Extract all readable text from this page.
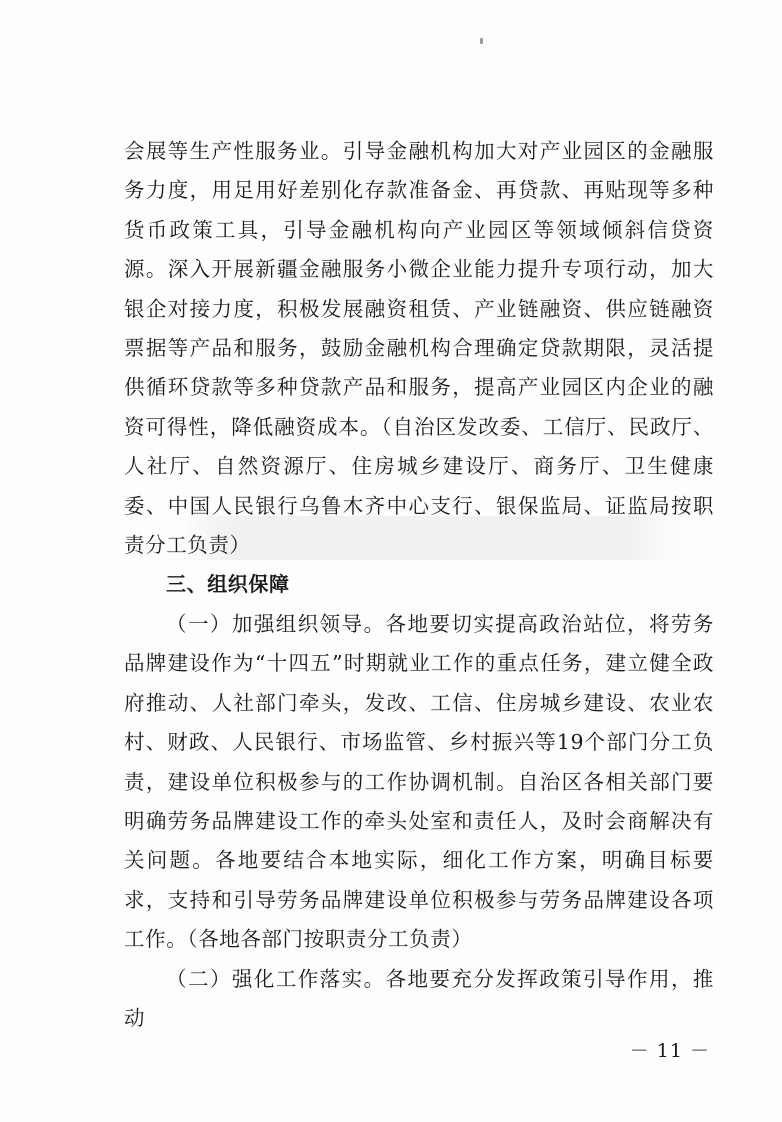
会展等生产性服务业。引导金融机构加大对产业园区的金融服务力度，用足用好差别化存款准备金、再贷款、再贴现等多种货币政策工具，引导金融机构向产业园区等领域倾斜信贷资源。深入开展新疆金融服务小微企业能力提升专项行动，加大银企对接力度，积极发展融资租赁、产业链融资、供应链融资票据等产品和服务，鼓励金融机构合理确定贷款期限，灵活提供循环贷款等多种贷款产品和服务，提高产业园区内企业的融资可得性，降低融资成本。（自治区发改委、工信厅、民政厅、人社厅、自然资源厅、住房城乡建设厅、商务厅、卫生健康委、中国人民银行乌鲁木齐中心支行、银保监局、证监局按职责分工负责）

三、组织保障

（一）加强组织领导。各地要切实提高政治站位，将劳务品牌建设作为“十四五”时期就业工作的重点任务，建立健全政府推动、人社部门牵头，发改、工信、住房城乡建设、农业农村、财政、人民银行、市场监管、乡村振兴等19个部门分工负责，建设单位积极参与的工作协调机制。自治区各相关部门要明确劳务品牌建设工作的牵头处室和责任人，及时会商解决有关问题。各地要结合本地实际，细化工作方案，明确目标要求，支持和引导劳务品牌建设单位积极参与劳务品牌建设各项工作。（各地各部门按职责分工负责）

（二）强化工作落实。各地要充分发挥政策引导作用，推动

－ 11 －
